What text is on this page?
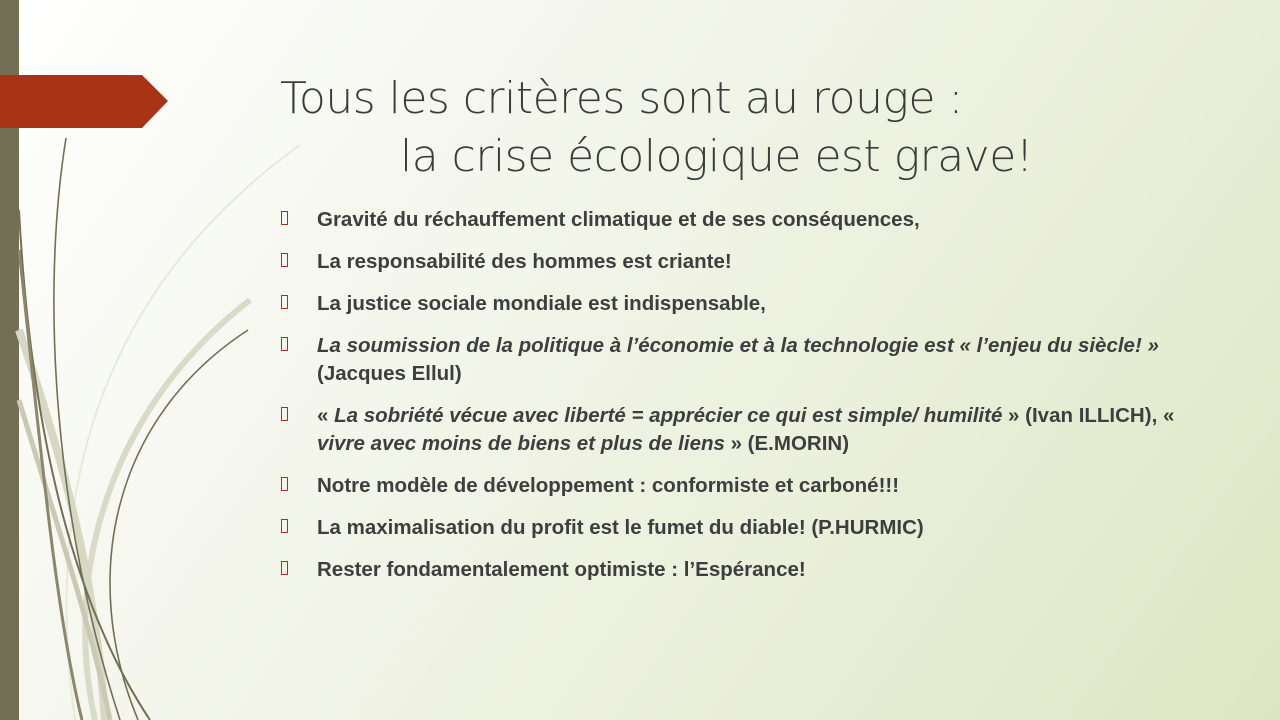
Tous les critères sont au rouge :
la crise écologique est grave!
Gravité du réchauffement climatique et de ses conséquences,
La responsabilité des hommes est criante!
La justice sociale mondiale est indispensable,
La soumission de la politique à l’économie et à la technologie est « l’enjeu du siècle! » (Jacques Ellul)
« La sobriété vécue avec liberté = apprécier ce qui est simple/ humilité » (Ivan ILLICH), « vivre avec moins de biens et plus de liens » (E.MORIN)
Notre modèle de développement : conformiste et carboné!!!
La maximalisation du profit est le fumet du diable! (P.HURMIC)
Rester fondamentalement optimiste : l’Espérance!
